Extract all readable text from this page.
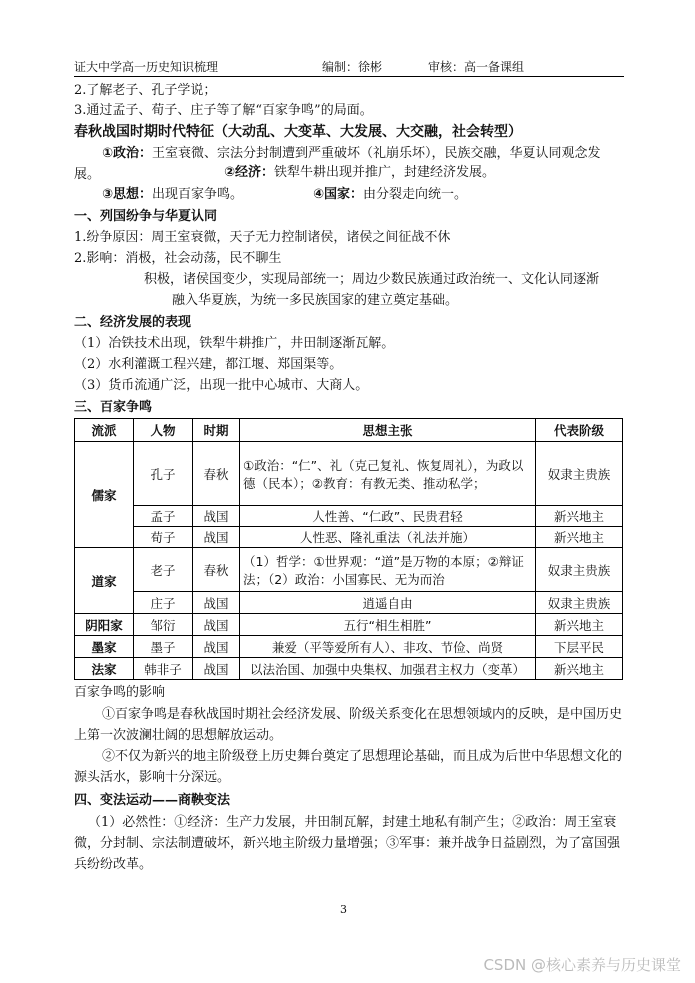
证大中学高一历史知识梳理	编制：徐彬	审核：高一备课组
2.了解老子、孔子学说；
3.通过孟子、荀子、庄子等了解“百家争鸣”的局面。
春秋战国时期时代特征（大动乱、大变革、大发展、大交融，社会转型）
①政治：王室衰微、宗法分封制遭到严重破坏（礼崩乐坏），民族交融，华夏认同观念发展。
③思想：出现百家争鸣。	④国家：由分裂走向统一。
②经济：铁犁牛耕出现并推广，封建经济发展。
一、列国纷争与华夏认同
1.纷争原因：周王室衰微，天子无力控制诸侯，诸侯之间征战不休
2.影响：消极，社会动荡，民不聊生
积极，诸侯国变少，实现局部统一；周边少数民族通过政治统一、文化认同逐渐
融入华夏族，为统一多民族国家的建立奠定基础。
二、经济发展的表现
（1）冶铁技术出现，铁犁牛耕推广，井田制逐渐瓦解。
（2）水利灌溉工程兴建，都江堰、郑国渠等。
（3）货币流通广泛，出现一批中心城市、大商人。
三、百家争鸣
流派	人物	时期	思想主张	代表阶级
儒家	孔子	春秋	①政治：“仁”、礼（克己复礼、恢复周礼），为政以德（民本）；②教育：有教无类、推动私学；	奴隶主贵族
	孟子	战国	人性善、“仁政”、民贵君轻	新兴地主
	荀子	战国	人性恶、隆礼重法（礼法并施）	新兴地主
道家	老子	春秋	（1）哲学：①世界观：“道”是万物的本原；②辩证法；（2）政治：小国寡民、无为而治	奴隶主贵族
	庄子	战国	逍遥自由	奴隶主贵族
阴阳家	邹衍	战国	五行“相生相胜”	新兴地主
墨家	墨子	战国	兼爱（平等爱所有人）、非攻、节俭、尚贤	下层平民
法家	韩非子	战国	以法治国、加强中央集权、加强君主权力（变革）	新兴地主
百家争鸣的影响
①百家争鸣是春秋战国时期社会经济发展、阶级关系变化在思想领域内的反映，是中国历史上第一次波澜壮阔的思想解放运动。
②不仅为新兴的地主阶级登上历史舞台奠定了思想理论基础，而且成为后世中华思想文化的源头活水，影响十分深远。
四、变法运动——商鞅变法
（1）必然性：①经济：生产力发展，井田制瓦解，封建土地私有制产生；②政治：周王室衰微，分封制、宗法制遭破坏，新兴地主阶级力量增强；③军事：兼并战争日益剧烈，为了富国强兵纷纷改革。
3
CSDN @核心素养与历史课堂
